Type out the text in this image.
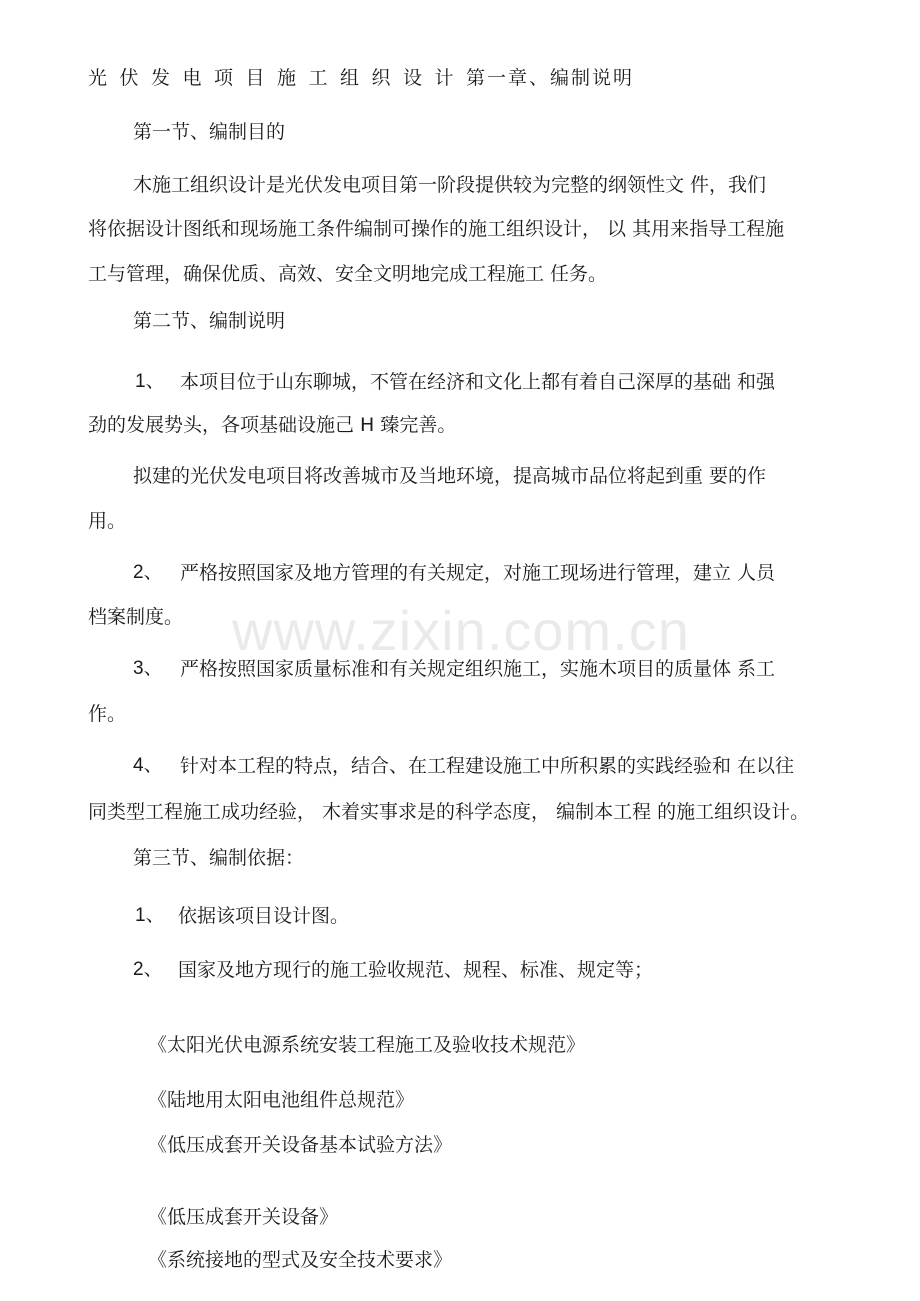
www.zixin.com.cn
光伏发电项目施工组织设计第一章、编制说明
第一节、编制目的
木施工组织设计是光伏发电项目第一阶段提供较为完整的纲领性文 件，我们
将依据设计图纸和现场施工条件编制可操作的施工组织设计， 以 其用来指导工程施
工与管理，确保优质、高效、安全文明地完成工程施工 任务。
第二节、编制说明
1、 本项目位于山东聊城，不管在经济和文化上都有着自己深厚的基础 和强
劲的发展势头，各项基础设施己 H 臻完善。
拟建的光伏发电项目将改善城市及当地环境，提高城市品位将起到重 要的作
用。
2、 严格按照国家及地方管理的有关规定，对施工现场进行管理，建立 人员
档案制度。
3、 严格按照国家质量标准和有关规定组织施工，实施木项目的质量体 系工
作。
4、 针对本工程的特点，结合、在工程建设施工中所积累的实践经验和 在以往
同类型工程施工成功经验， 木着实事求是的科学态度， 编制本工程 的施工组织设计。
第三节、编制依据：
1、 依据该项目设计图。
2、 国家及地方现行的施工验收规范、规程、标准、规定等；
《太阳光伏电源系统安装工程施工及验收技术规范》
《陆地用太阳电池组件总规范》
《低压成套开关设备基本试验方法》
《低压成套开关设备》
《系统接地的型式及安全技术要求》
